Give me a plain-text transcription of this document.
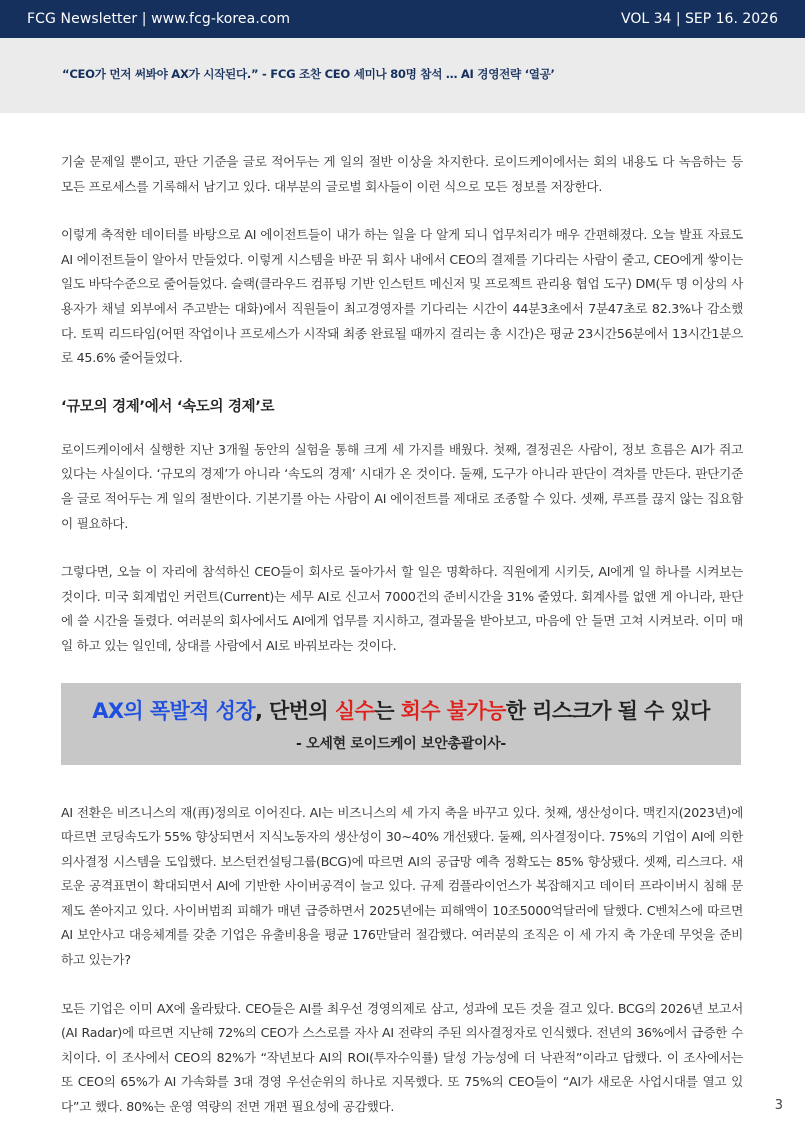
FCG Newsletter | www.fcg-korea.com	VOL 34 | SEP 16. 2026
“CEO가 먼저 써봐야 AX가 시작된다.” - FCG 조찬 CEO 세미나 80명 참석 … AI 경영전략 ‘열공’

기술 문제일 뿐이고, 판단 기준을 글로 적어두는 게 일의 절반 이상을 차지한다. 로이드케이에서는 회의 내용도 다 녹음하는 등 모든 프로세스를 기록해서 남기고 있다. 대부분의 글로벌 회사들이 이런 식으로 모든 정보를 저장한다.

이렇게 축적한 데이터를 바탕으로 AI 에이전트들이 내가 하는 일을 다 알게 되니 업무처리가 매우 간편해졌다. 오늘 발표 자료도 AI 에이전트들이 알아서 만들었다. 이렇게 시스템을 바꾼 뒤 회사 내에서 CEO의 결제를 기다리는 사람이 줄고, CEO에게 쌓이는 일도 바닥수준으로 줄어들었다. 슬랙(클라우드 컴퓨팅 기반 인스턴트 메신저 및 프로젝트 관리용 협업 도구) DM(두 명 이상의 사용자가 채널 외부에서 주고받는 대화)에서 직원들이 최고경영자를 기다리는 시간이 44분3초에서 7분47초로 82.3%나 감소했다. 토픽 리드타임(어떤 작업이나 프로세스가 시작돼 최종 완료될 때까지 걸리는 총 시간)은 평균 23시간56분에서 13시간1분으로 45.6% 줄어들었다.

‘규모의 경제’에서 ‘속도의 경제’로

로이드케이에서 실행한 지난 3개월 동안의 실험을 통해 크게 세 가지를 배웠다. 첫째, 결정권은 사람이, 정보 흐름은 AI가 쥐고 있다는 사실이다. ‘규모의 경제’가 아니라 ‘속도의 경제’ 시대가 온 것이다. 둘째, 도구가 아니라 판단이 격차를 만든다. 판단기준을 글로 적어두는 게 일의 절반이다. 기본기를 아는 사람이 AI 에이전트를 제대로 조종할 수 있다. 셋째, 루프를 끊지 않는 집요함이 필요하다.

그렇다면, 오늘 이 자리에 참석하신 CEO들이 회사로 돌아가서 할 일은 명확하다. 직원에게 시키듯, AI에게 일 하나를 시켜보는 것이다. 미국 회계법인 커런트(Current)는 세무 AI로 신고서 7000건의 준비시간을 31% 줄였다. 회계사를 없앤 게 아니라, 판단에 쓸 시간을 돌렸다. 여러분의 회사에서도 AI에게 업무를 지시하고, 결과물을 받아보고, 마음에 안 들면 고쳐 시켜보라. 이미 매일 하고 있는 일인데, 상대를 사람에서 AI로 바꿔보라는 것이다.

AX의 폭발적 성장, 단번의 실수는 회수 불가능한 리스크가 될 수 있다
- 오세현 로이드케이 보안총괄이사-

AI 전환은 비즈니스의 재(再)정의로 이어진다. AI는 비즈니스의 세 가지 축을 바꾸고 있다. 첫째, 생산성이다. 맥킨지(2023년)에 따르면 코딩속도가 55% 향상되면서 지식노동자의 생산성이 30~40% 개선됐다. 둘째, 의사결정이다. 75%의 기업이 AI에 의한 의사결정 시스템을 도입했다. 보스턴컨설팅그룹(BCG)에 따르면 AI의 공급망 예측 정확도는 85% 향상됐다. 셋째, 리스크다. 새로운 공격표면이 확대되면서 AI에 기반한 사이버공격이 늘고 있다. 규제 컴플라이언스가 복잡해지고 데이터 프라이버시 침해 문제도 쏟아지고 있다. 사이버범죄 피해가 매년 급증하면서 2025년에는 피해액이 10조5000억달러에 달했다. C벤처스에 따르면 AI 보안사고 대응체계를 갖춘 기업은 유출비용을 평균 176만달러 절감했다. 여러분의 조직은 이 세 가지 축 가운데 무엇을 준비하고 있는가?

모든 기업은 이미 AX에 올라탔다. CEO들은 AI를 최우선 경영의제로 삼고, 성과에 모든 것을 걸고 있다. BCG의 2026년 보고서(AI Radar)에 따르면 지난해 72%의 CEO가 스스로를 자사 AI 전략의 주된 의사결정자로 인식했다. 전년의 36%에서 급증한 수치이다. 이 조사에서 CEO의 82%가 “작년보다 AI의 ROI(투자수익률) 달성 가능성에 더 낙관적”이라고 답했다. 이 조사에서는 또 CEO의 65%가 AI 가속화를 3대 경영 우선순위의 하나로 지목했다. 또 75%의 CEO들이 “AI가 새로운 사업시대를 열고 있다”고 했다. 80%는 운영 역량의 전면 개편 필요성에 공감했다.	3
